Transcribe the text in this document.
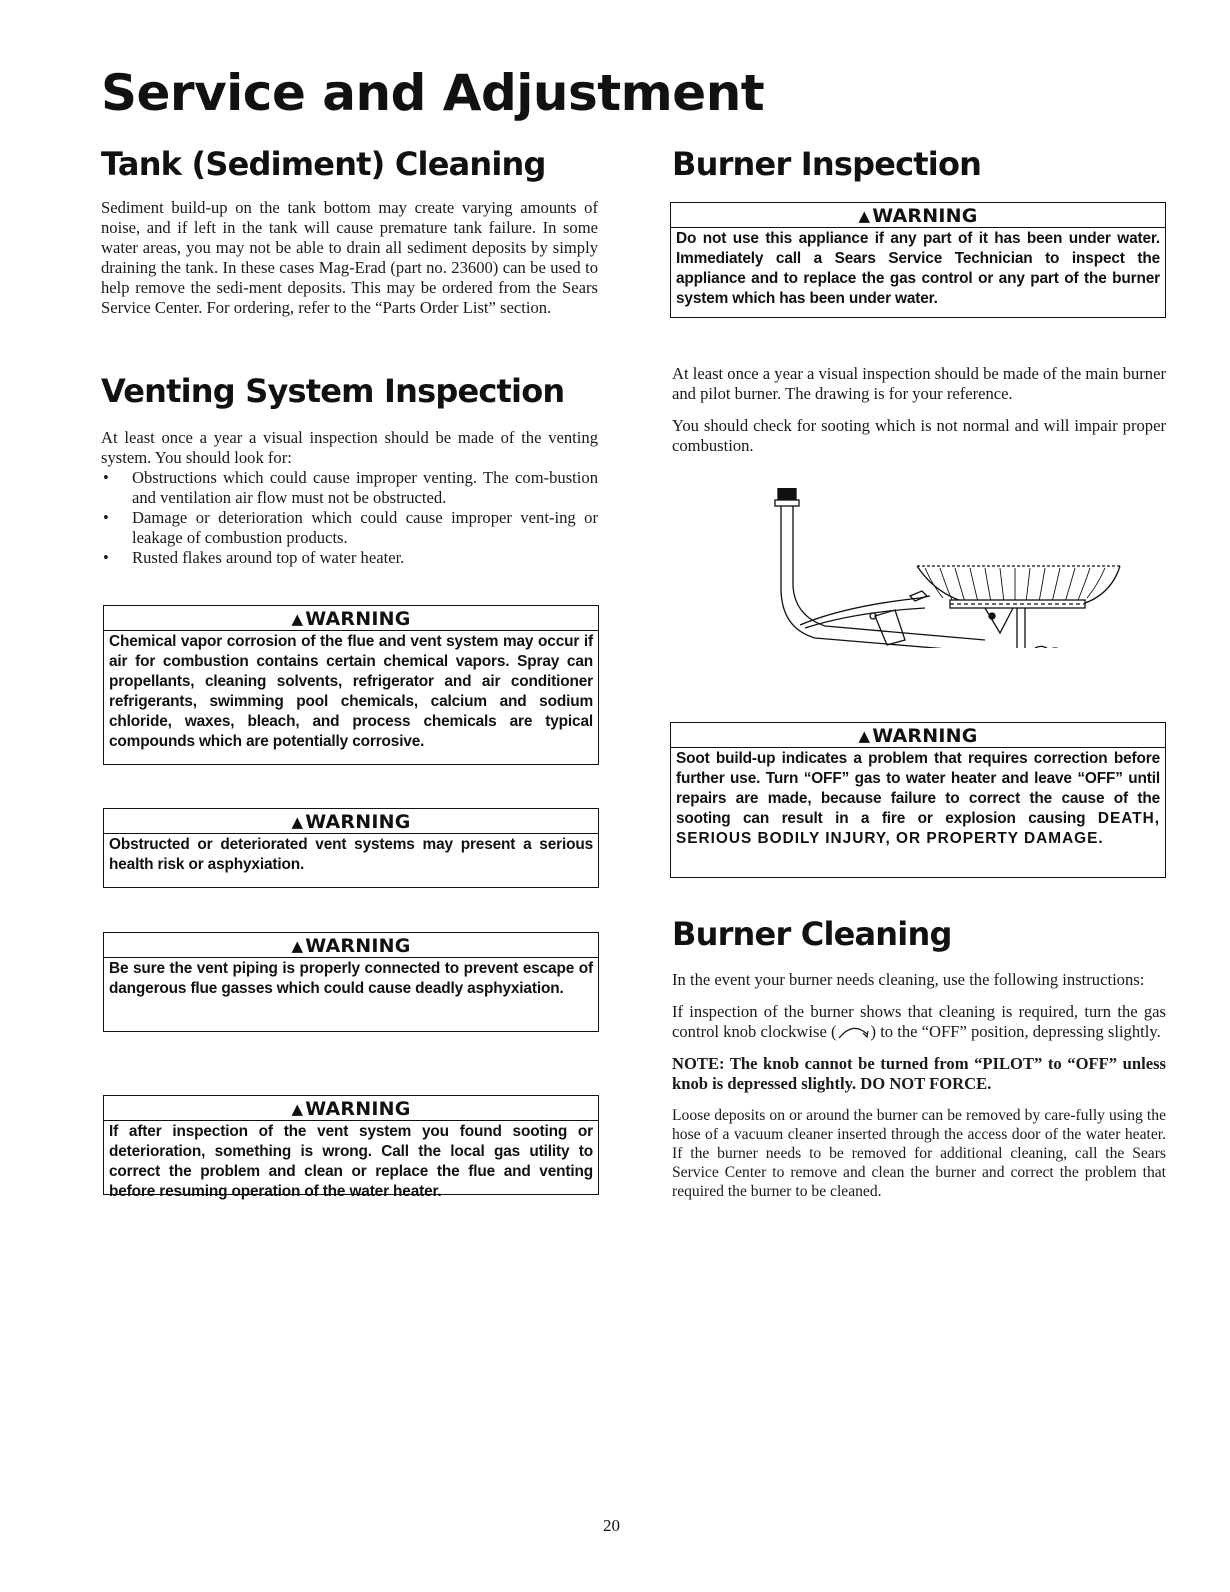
Service and Adjustment
Tank (Sediment) Cleaning

Sediment build-up on the tank bottom may create varying amounts of noise, and if left in the tank will cause premature tank failure. In some water areas, you may not be able to drain all sediment deposits by simply draining the tank. In these cases Mag-Erad (part no. 23600) can be used to help remove the sedi-ment deposits. This may be ordered from the Sears Service Center. For ordering, refer to the “Parts Order List” section.

Venting System Inspection

At least once a year a visual inspection should be made of the venting system. You should look for:

• Obstructions which could cause improper venting. The com-bustion and ventilation air flow must not be obstructed.
• Damage or deterioration which could cause improper vent-ing or leakage of combustion products.
• Rusted flakes around top of water heater.
▲ WARNING
Chemical vapor corrosion of the flue and vent system may occur if air for combustion contains certain chemical vapors. Spray can propellants, cleaning solvents, refrigerator and air conditioner refrigerants, swimming pool chemicals, calcium and sodium chloride, waxes, bleach, and process chemicals are typical compounds which are potentially corrosive.
▲ WARNING
Obstructed or deteriorated vent systems may present a serious health risk or asphyxiation.
▲ WARNING
Be sure the vent piping is properly connected to prevent escape of dangerous flue gasses which could cause deadly asphyxiation.
▲ WARNING
If after inspection of the vent system you found sooting or deterioration, something is wrong. Call the local gas utility to correct the problem and clean or replace the flue and venting before resuming operation of the water heater.
Burner Inspection
▲ WARNING
Do not use this appliance if any part of it has been under water. Immediately call a Sears Service Technician to inspect the appliance and to replace the gas control or any part of the burner system which has been under water.

At least once a year a visual inspection should be made of the main burner and pilot burner. The drawing is for your reference.

You should check for sooting which is not normal and will impair proper combustion.

▲ WARNING
Soot build-up indicates a problem that requires correction before further use. Turn “OFF” gas to water heater and leave “OFF” until repairs are made, because failure to correct the cause of the sooting can result in a fire or explosion causing DEATH, SERIOUS BODILY INJURY, OR PROPERTY DAMAGE.
Burner Cleaning

In the event your burner needs cleaning, use the following instructions:

If inspection of the burner shows that cleaning is required, turn the gas control knob clockwise ( ) to the “OFF” position, depressing slightly.

NOTE: The knob cannot be turned from “PILOT” to “OFF” unless knob is depressed slightly. DO NOT FORCE.

Loose deposits on or around the burner can be removed by care-fully using the hose of a vacuum cleaner inserted through the access door of the water heater. If the burner needs to be removed for additional cleaning, call the Sears Service Center to remove and clean the burner and correct the problem that required the burner to be cleaned.

20
